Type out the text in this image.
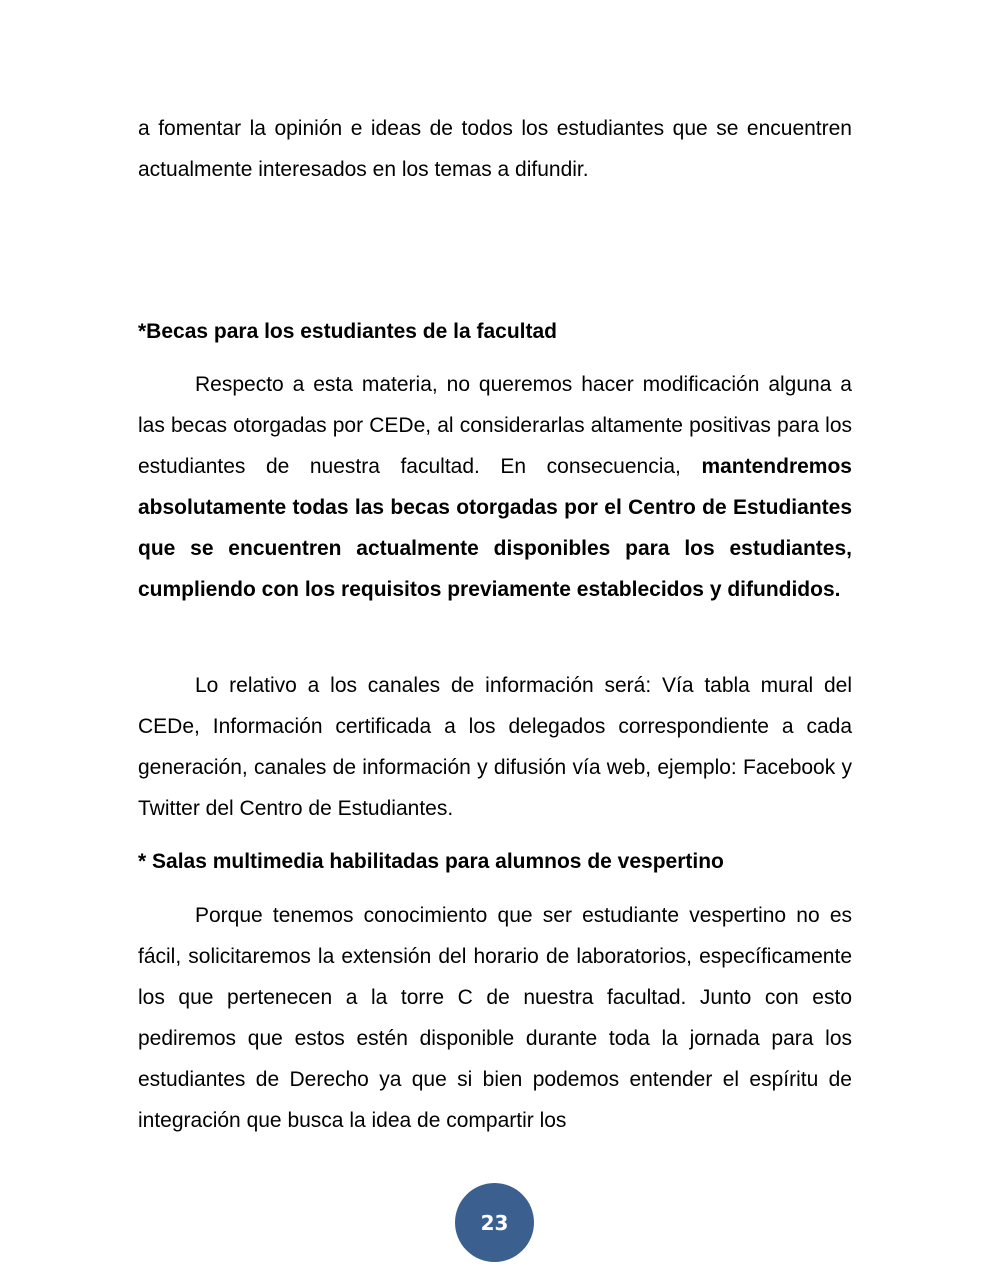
a fomentar la opinión e ideas de todos los estudiantes que se encuentren actualmente interesados en los temas a difundir.

*Becas para los estudiantes de la facultad

Respecto a esta materia, no queremos hacer modificación alguna a las becas otorgadas por CEDe, al considerarlas altamente positivas para los estudiantes de nuestra facultad. En consecuencia, mantendremos absolutamente todas las becas otorgadas por el Centro de Estudiantes que se encuentren actualmente disponibles para los estudiantes, cumpliendo con los requisitos previamente establecidos y difundidos.

Lo relativo a los canales de información será: Vía tabla mural del CEDe, Información certificada a los delegados correspondiente a cada generación, canales de información y difusión vía web, ejemplo: Facebook y Twitter del Centro de Estudiantes.

* Salas multimedia habilitadas para alumnos de vespertino

Porque tenemos conocimiento que ser estudiante vespertino no es fácil, solicitaremos la extensión del horario de laboratorios, específicamente los que pertenecen a la torre C de nuestra facultad. Junto con esto pediremos que estos estén disponible durante toda la jornada para los estudiantes de Derecho ya que si bien podemos entender el espíritu de integración que busca la idea de compartir los

23
